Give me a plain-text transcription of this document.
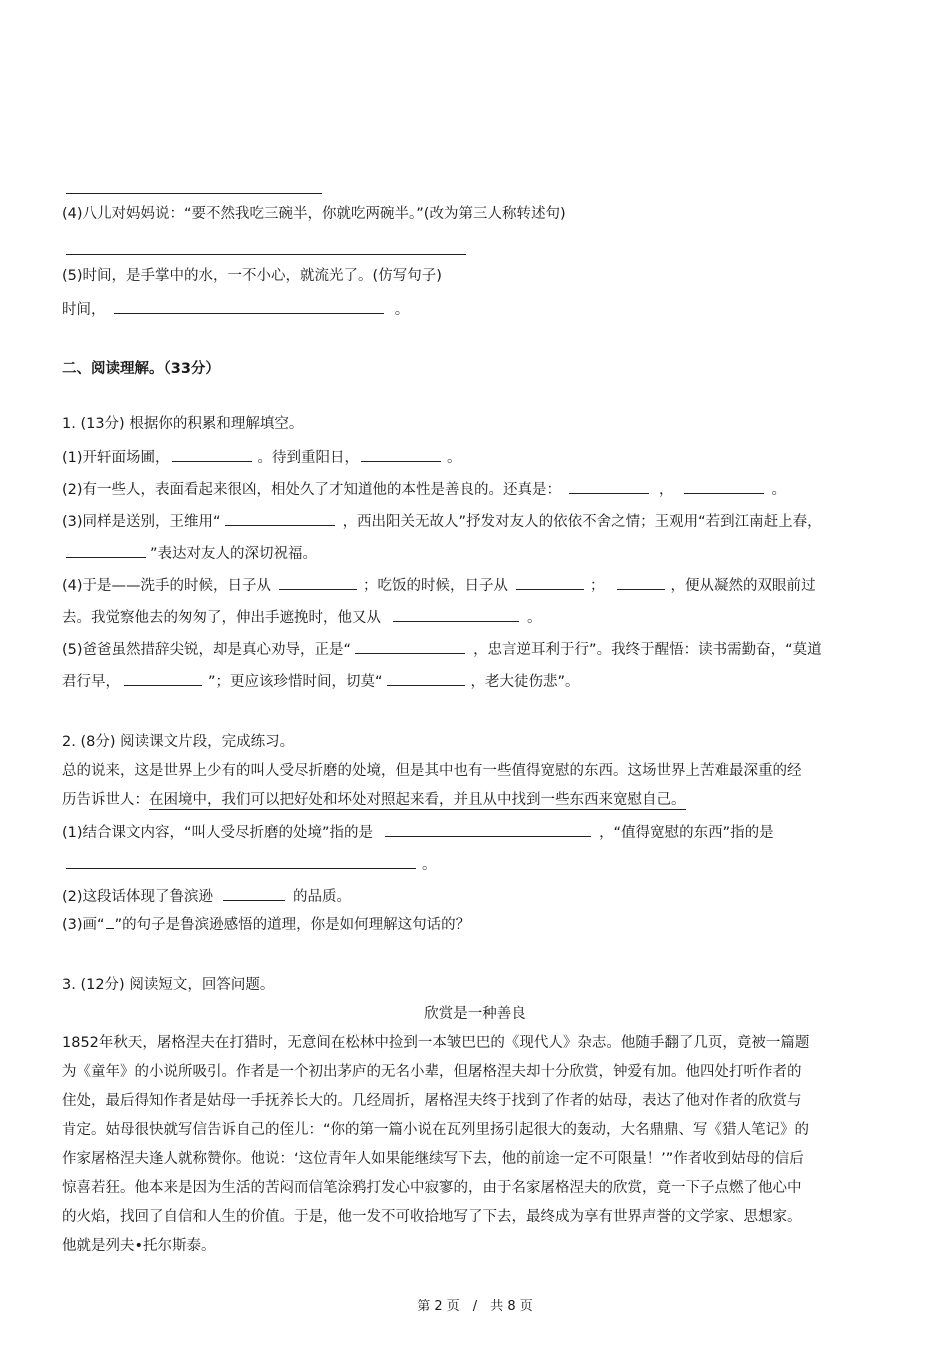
(4)八儿对妈妈说：“要不然我吃三碗半，你就吃两碗半。”(改为第三人称转述句)
(5)时间，是手掌中的水，一不小心，就流光了。(仿写句子)
时间，	。
二、阅读理解。（33分）
1. (13分) 根据你的积累和理解填空。
(1)开轩面场圃，	。待到重阳日，	。
(2)有一些人，表面看起来很凶，相处久了才知道他的本性是善良的。还真是：	，	。
(3)同样是送别，王维用“	，西出阳关无故人”抒发对友人的依依不舍之情；王观用“若到江南赶上春，
”表达对友人的深切祝福。
(4)于是——洗手的时候，日子从	；吃饭的时候，日子从	；	，便从凝然的双眼前过
去。我觉察他去的匆匆了，伸出手遮挽时，他又从	。
(5)爸爸虽然措辞尖锐，却是真心劝导，正是“	，忠言逆耳利于行”。我终于醒悟：读书需勤奋，“莫道
君行早，	”；更应该珍惜时间，切莫“	，老大徒伤悲”。
2. (8分) 阅读课文片段，完成练习。
总的说来，这是世界上少有的叫人受尽折磨的处境，但是其中也有一些值得宽慰的东西。这场世界上苦难最深重的经
历告诉世人：在困境中，我们可以把好处和坏处对照起来看，并且从中找到一些东西来宽慰自己。
(1)结合课文内容，“叫人受尽折磨的处境”指的是	，“值得宽慰的东西”指的是
。
(2)这段话体现了鲁滨逊	的品质。
(3)画“ ”的句子是鲁滨逊感悟的道理，你是如何理解这句话的？
3. (12分) 阅读短文，回答问题。
欣赏是一种善良
1852年秋天，屠格涅夫在打猎时，无意间在松林中捡到一本皱巴巴的《现代人》杂志。他随手翻了几页，竟被一篇题
为《童年》的小说所吸引。作者是一个初出茅庐的无名小辈，但屠格涅夫却十分欣赏，钟爱有加。他四处打听作者的
住处，最后得知作者是姑母一手抚养长大的。几经周折，屠格涅夫终于找到了作者的姑母，表达了他对作者的欣赏与
肯定。姑母很快就写信告诉自己的侄儿：“你的第一篇小说在瓦列里扬引起很大的轰动，大名鼎鼎、写《猎人笔记》的
作家屠格涅夫逢人就称赞你。他说：‘这位青年人如果能继续写下去，他的前途一定不可限量！’”作者收到姑母的信后
惊喜若狂。他本来是因为生活的苦闷而信笔涂鸦打发心中寂寥的，由于名家屠格涅夫的欣赏，竟一下子点燃了他心中
的火焰，找回了自信和人生的价值。于是，他一发不可收拾地写了下去，最终成为享有世界声誉的文学家、思想家。
他就是列夫•托尔斯泰。
第 2 页　/　共 8 页
